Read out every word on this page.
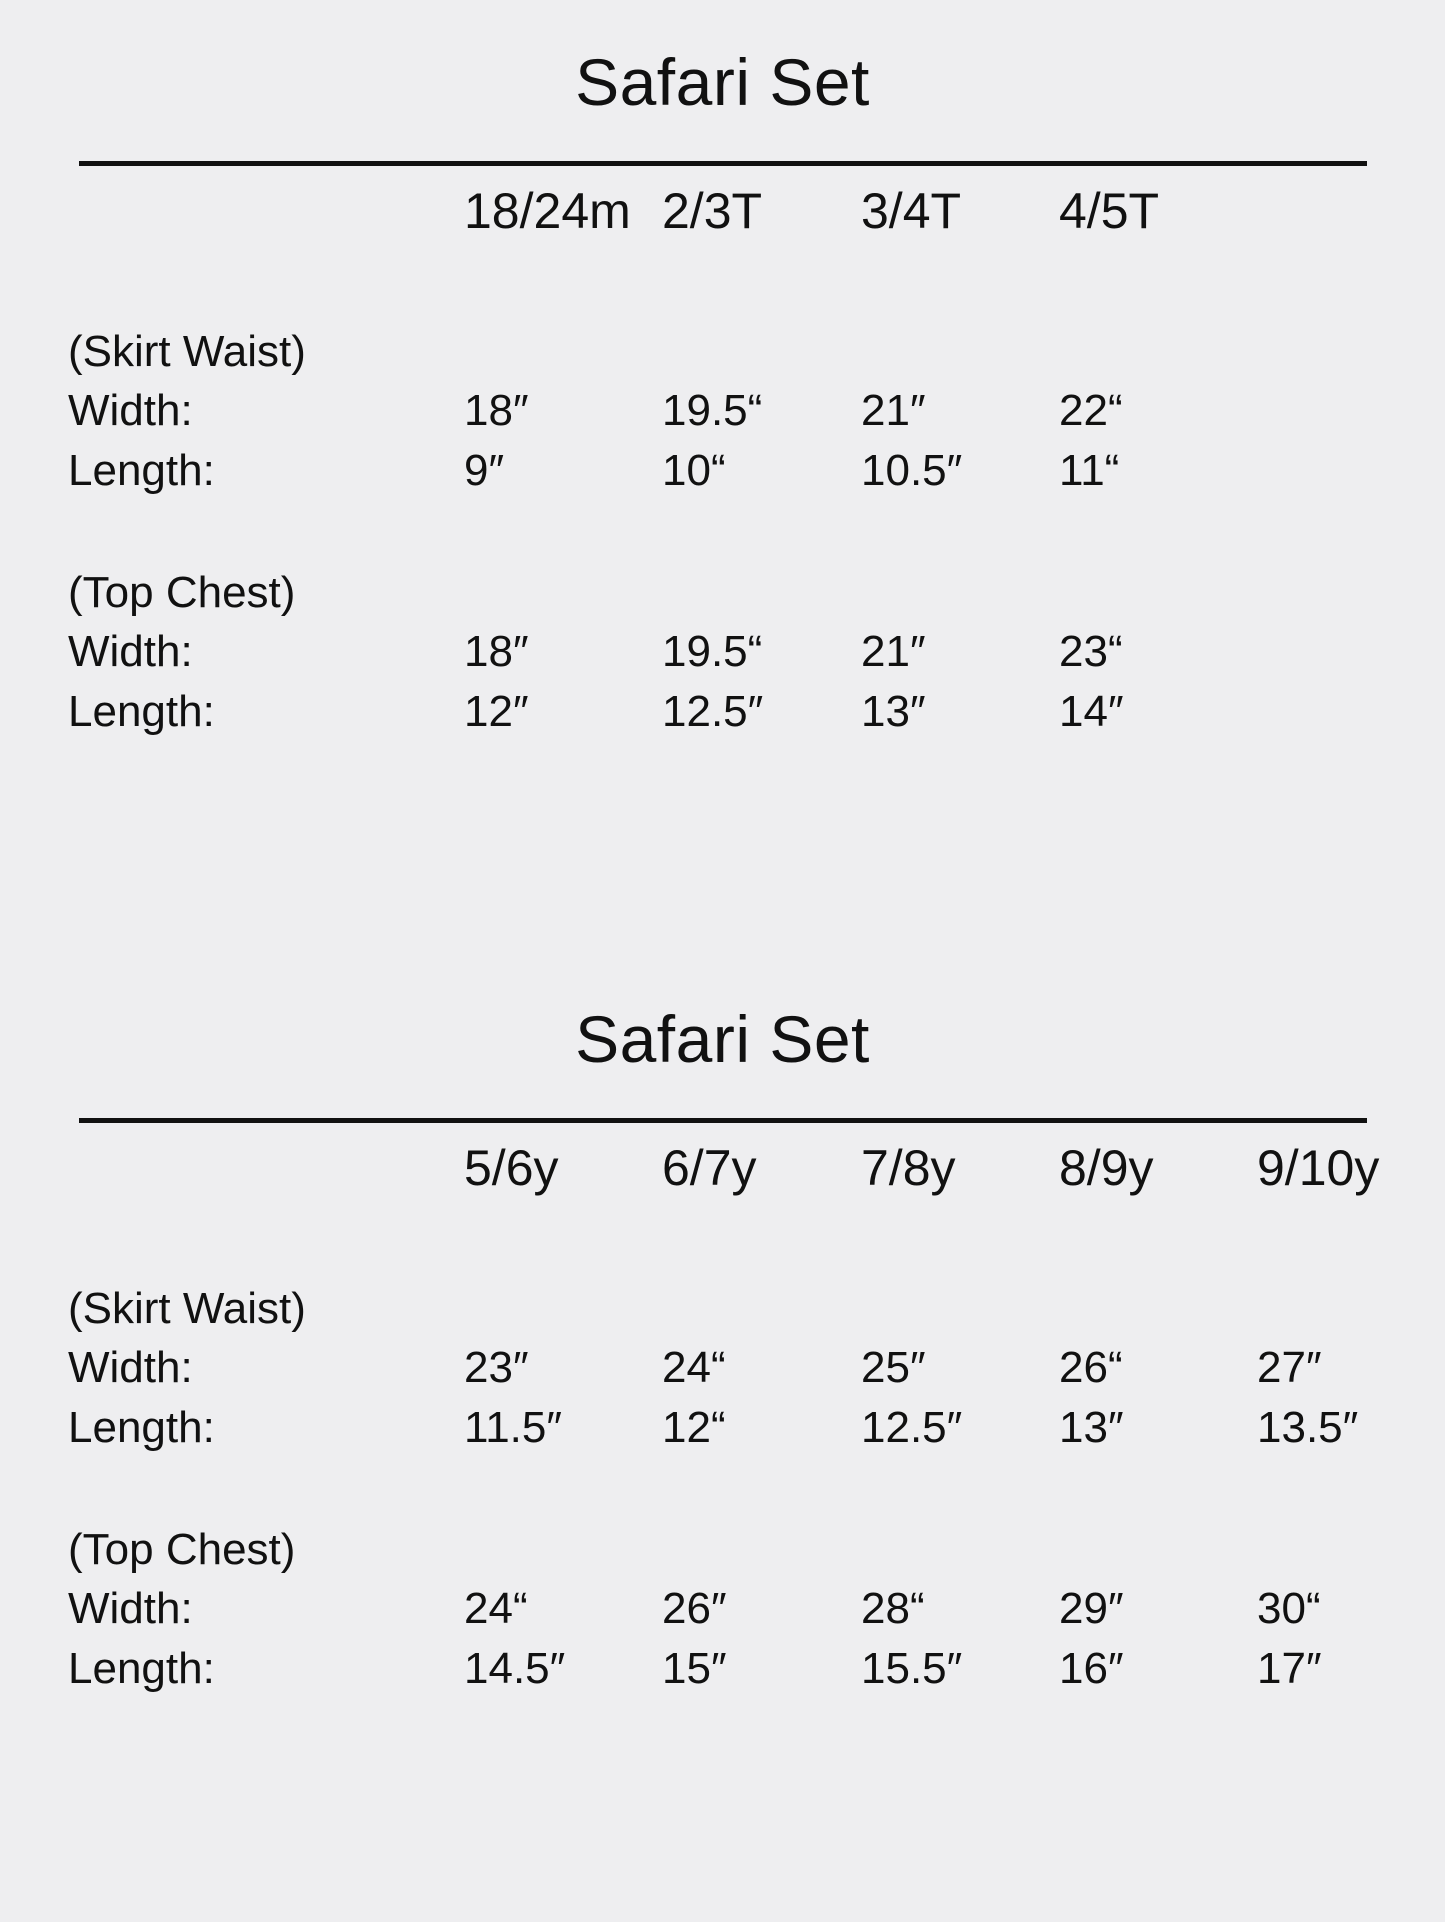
Safari Set
18/24m 2/3T 3/4T 4/5T
(Skirt Waist)
Width:	18″	19.5“ 21″	22“
Length:	9″	10“	10.5″ 11“
(Top Chest)
Width:	18″	19.5“ 21″	23“
Length:	12″	12.5″ 13″	14″
Safari Set
5/6y 6/7y 7/8y 8/9y 9/10y
(Skirt Waist)
Width:	23″	24“	25″	26“	27″
Length:	11.5″ 12“	12.5″ 13″	13.5″
(Top Chest)
Width:	24“	26″	28“	29″	30“
Length:	14.5″ 15″	15.5″ 16″	17″
